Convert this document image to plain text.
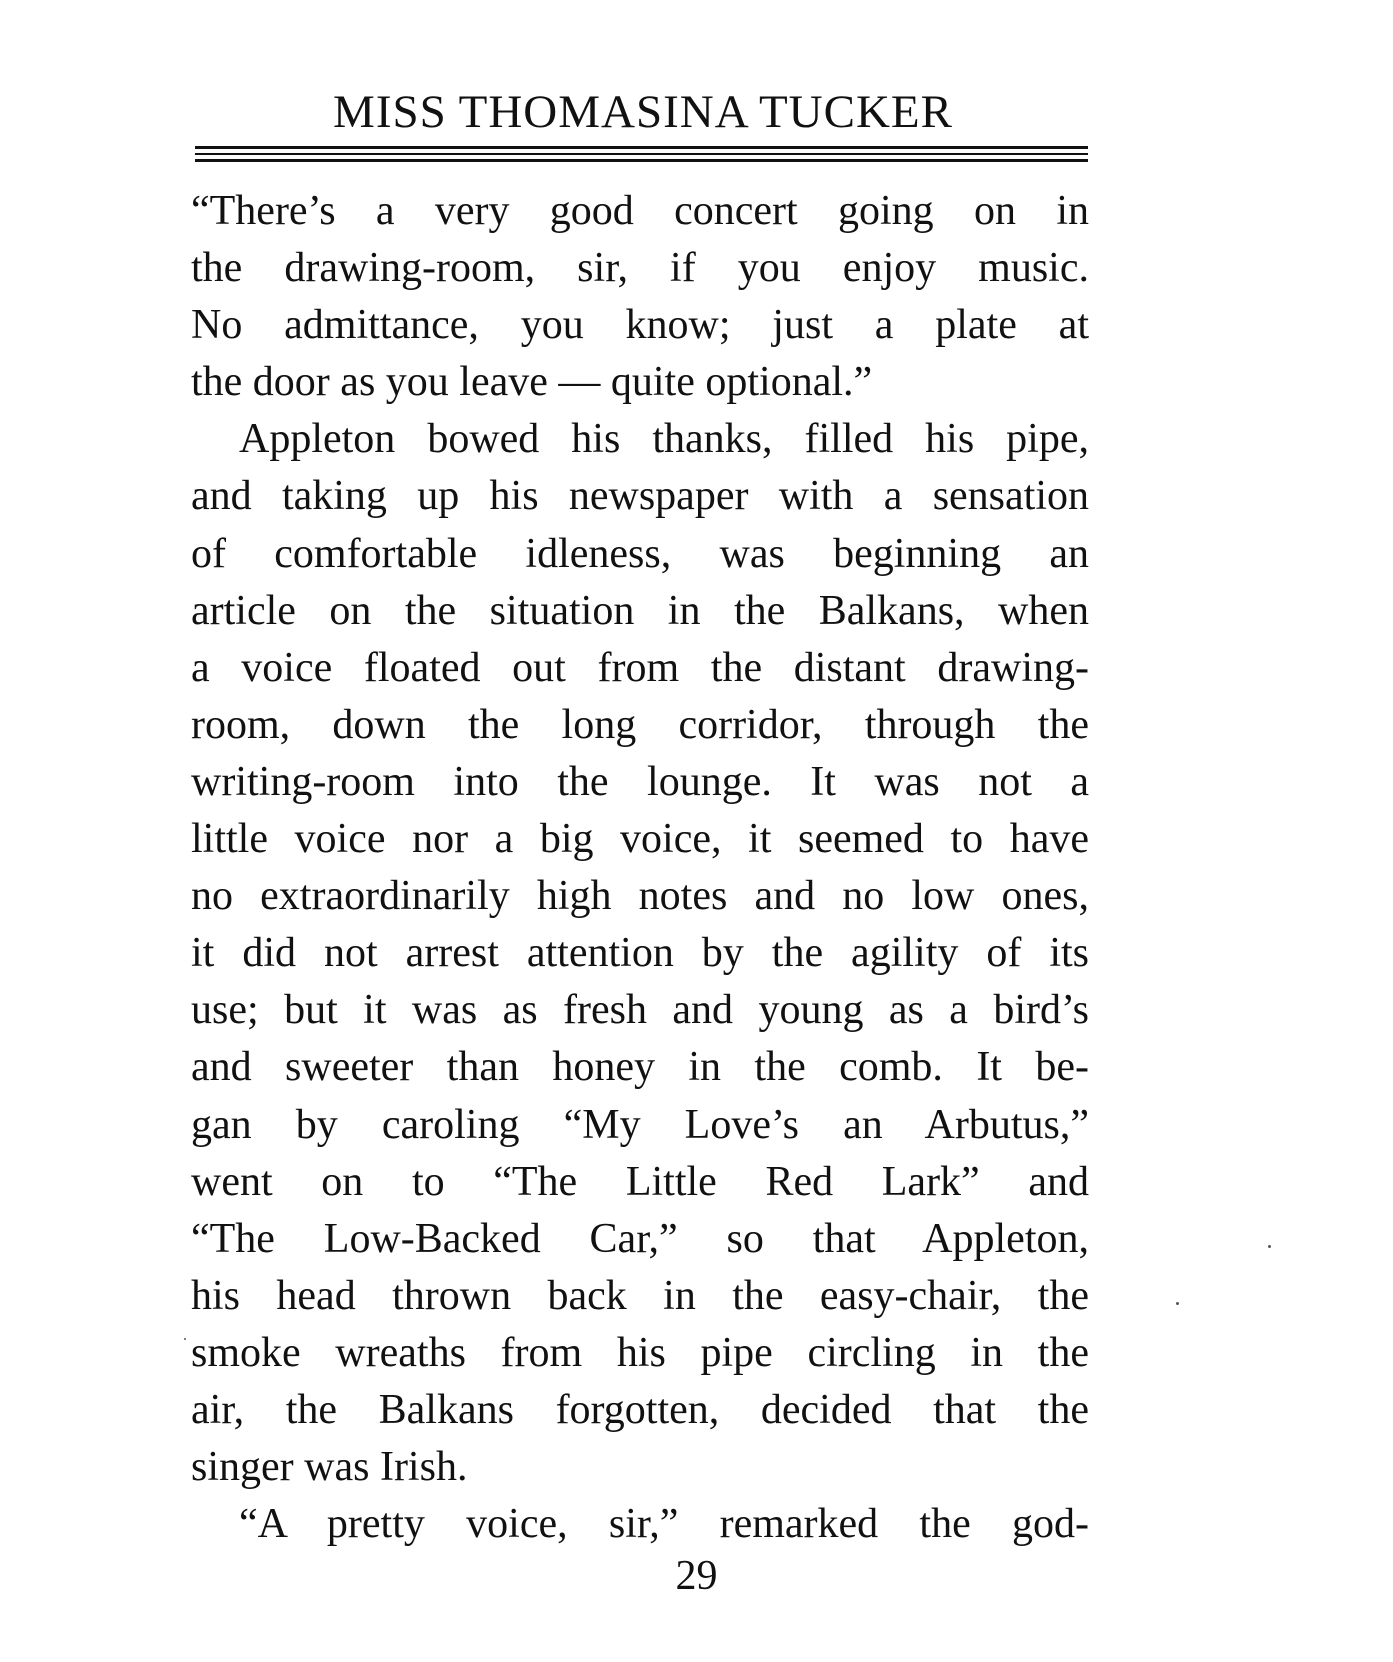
MISS THOMASINA TUCKER
“There’s a very good concert going on in
the drawing-room, sir, if you enjoy music.
No admittance, you know; just a plate at
the door as you leave — quite optional.”
Appleton bowed his thanks, filled his pipe,
and taking up his newspaper with a sensation
of comfortable idleness, was beginning an
article on the situation in the Balkans, when
a voice floated out from the distant drawing-
room, down the long corridor, through the
writing-room into the lounge. It was not a
little voice nor a big voice, it seemed to have
no extraordinarily high notes and no low ones,
it did not arrest attention by the agility of its
use; but it was as fresh and young as a bird’s
and sweeter than honey in the comb. It be-
gan by caroling “My Love’s an Arbutus,”
went on to “The Little Red Lark” and
“The Low-Backed Car,” so that Appleton,
his head thrown back in the easy-chair, the
smoke wreaths from his pipe circling in the
air, the Balkans forgotten, decided that the
singer was Irish.
“A pretty voice, sir,” remarked the god-
29
